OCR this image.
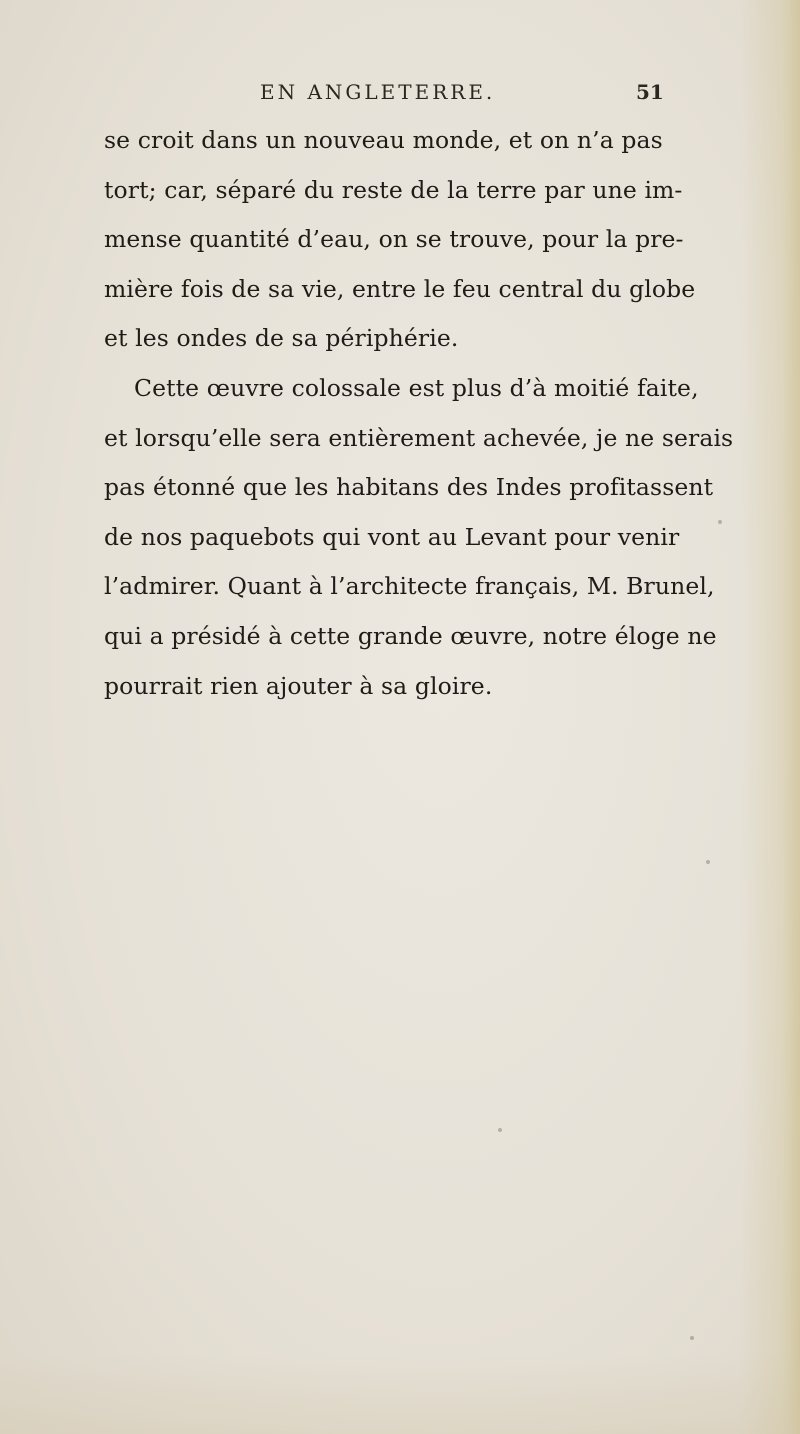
EN ANGLETERRE.	51
se croit dans un nouveau monde, et on n’a pas
tort; car, séparé du reste de la terre par une im-
mense quantité d’eau, on se trouve, pour la pre-
mière fois de sa vie, entre le feu central du globe
et les ondes de sa périphérie.
Cette œuvre colossale est plus d’à moitié faite,
et lorsqu’elle sera entièrement achevée, je ne serais
pas étonné que les habitans des Indes profitassent
de nos paquebots qui vont au Levant pour venir
l’admirer. Quant à l’architecte français, M. Brunel,
qui a présidé à cette grande œuvre, notre éloge ne
pourrait rien ajouter à sa gloire.
